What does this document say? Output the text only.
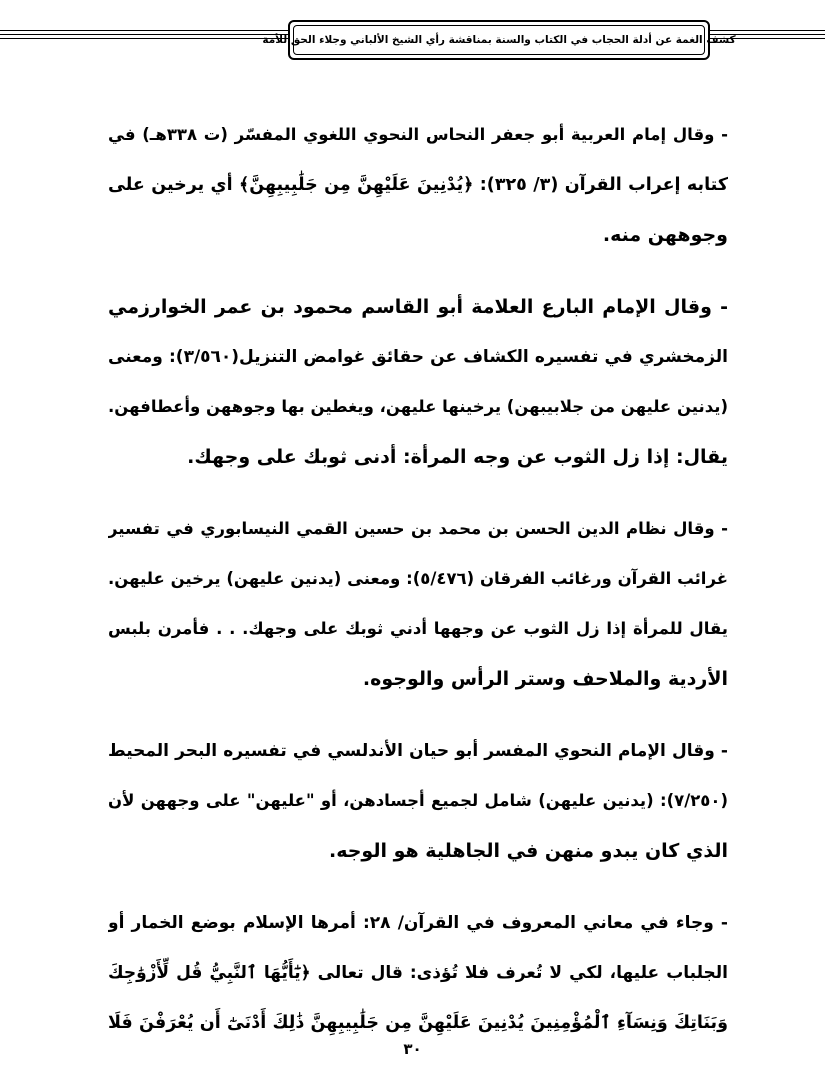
كشف الغمة عن أدلة الحجاب في الكتاب والسنة بمناقشة رأي الشيخ الألباني وجلاء الحق للأمة
- وقال إمام العربية أبو جعفر النحاس النحوي اللغوي المفسّر (ت ٣٣٨هـ) في
كتابه إعراب القرآن (٣/ ٣٢٥): ﴿يُدْنِينَ عَلَيْهِنَّ مِن جَلَٰبِيبِهِنَّ﴾ أي يرخين على
وجوههن منه.
- وقال الإمام البارع العلامة أبو القاسم محمود بن عمر الخوارزمي
الزمخشري في تفسيره الكشاف عن حقائق غوامض التنزيل(٣/٥٦٠): ومعنى
(يدنين عليهن من جلابيبهن) يرخينها عليهن، ويغطين بها وجوههن وأعطافهن.
يقال: إذا زل الثوب عن وجه المرأة: أدنى ثوبك على وجهك.
- وقال نظام الدين الحسن بن محمد بن حسين القمي النيسابوري في تفسير
غرائب القرآن ورغائب الفرقان (٥/٤٧٦): ومعنى (يدنين عليهن) يرخين عليهن.
يقال للمرأة إذا زل الثوب عن وجهها أدني ثوبك على وجهك. . . فأمرن بلبس
الأردية والملاحف وستر الرأس والوجوه.
- وقال الإمام النحوي المفسر أبو حيان الأندلسي في تفسيره البحر المحيط
(٧/٢٥٠): (يدنين عليهن) شامل لجميع أجسادهن، أو "عليهن" على وجههن لأن
الذي كان يبدو منهن في الجاهلية هو الوجه.
- وجاء في معاني المعروف في القرآن/ ٢٨: أمرها الإسلام بوضع الخمار أو
الجلباب عليها، لكي لا تُعرف فلا تُؤذى: قال تعالى ﴿يَٰٓأَيُّهَا ٱلنَّبِيُّ قُل لِّأَزْوَٰجِكَ
وَبَنَاتِكَ وَنِسَآءِ ٱلْمُؤْمِنِينَ يُدْنِينَ عَلَيْهِنَّ مِن جَلَٰبِيبِهِنَّ ذَٰلِكَ أَدْنَىٰٓ أَن يُعْرَفْنَ فَلَا
٣٠
